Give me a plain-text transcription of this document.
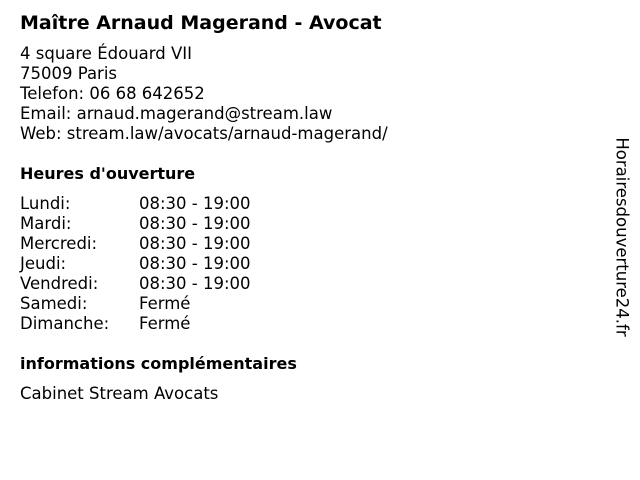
Maître Arnaud Magerand - Avocat
4 square Édouard VII
75009 Paris
Telefon: 06 68 642652
Email: arnaud.magerand@stream.law
Web: stream.law/avocats/arnaud-magerand/
Heures d'ouverture
Lundi:	08:30 - 19:00
Mardi:	08:30 - 19:00
Mercredi:	08:30 - 19:00
Jeudi:	08:30 - 19:00
Vendredi:	08:30 - 19:00
Samedi:	Fermé
Dimanche:	Fermé
informations complémentaires
Cabinet Stream Avocats
Horairesdouverture24.fr
